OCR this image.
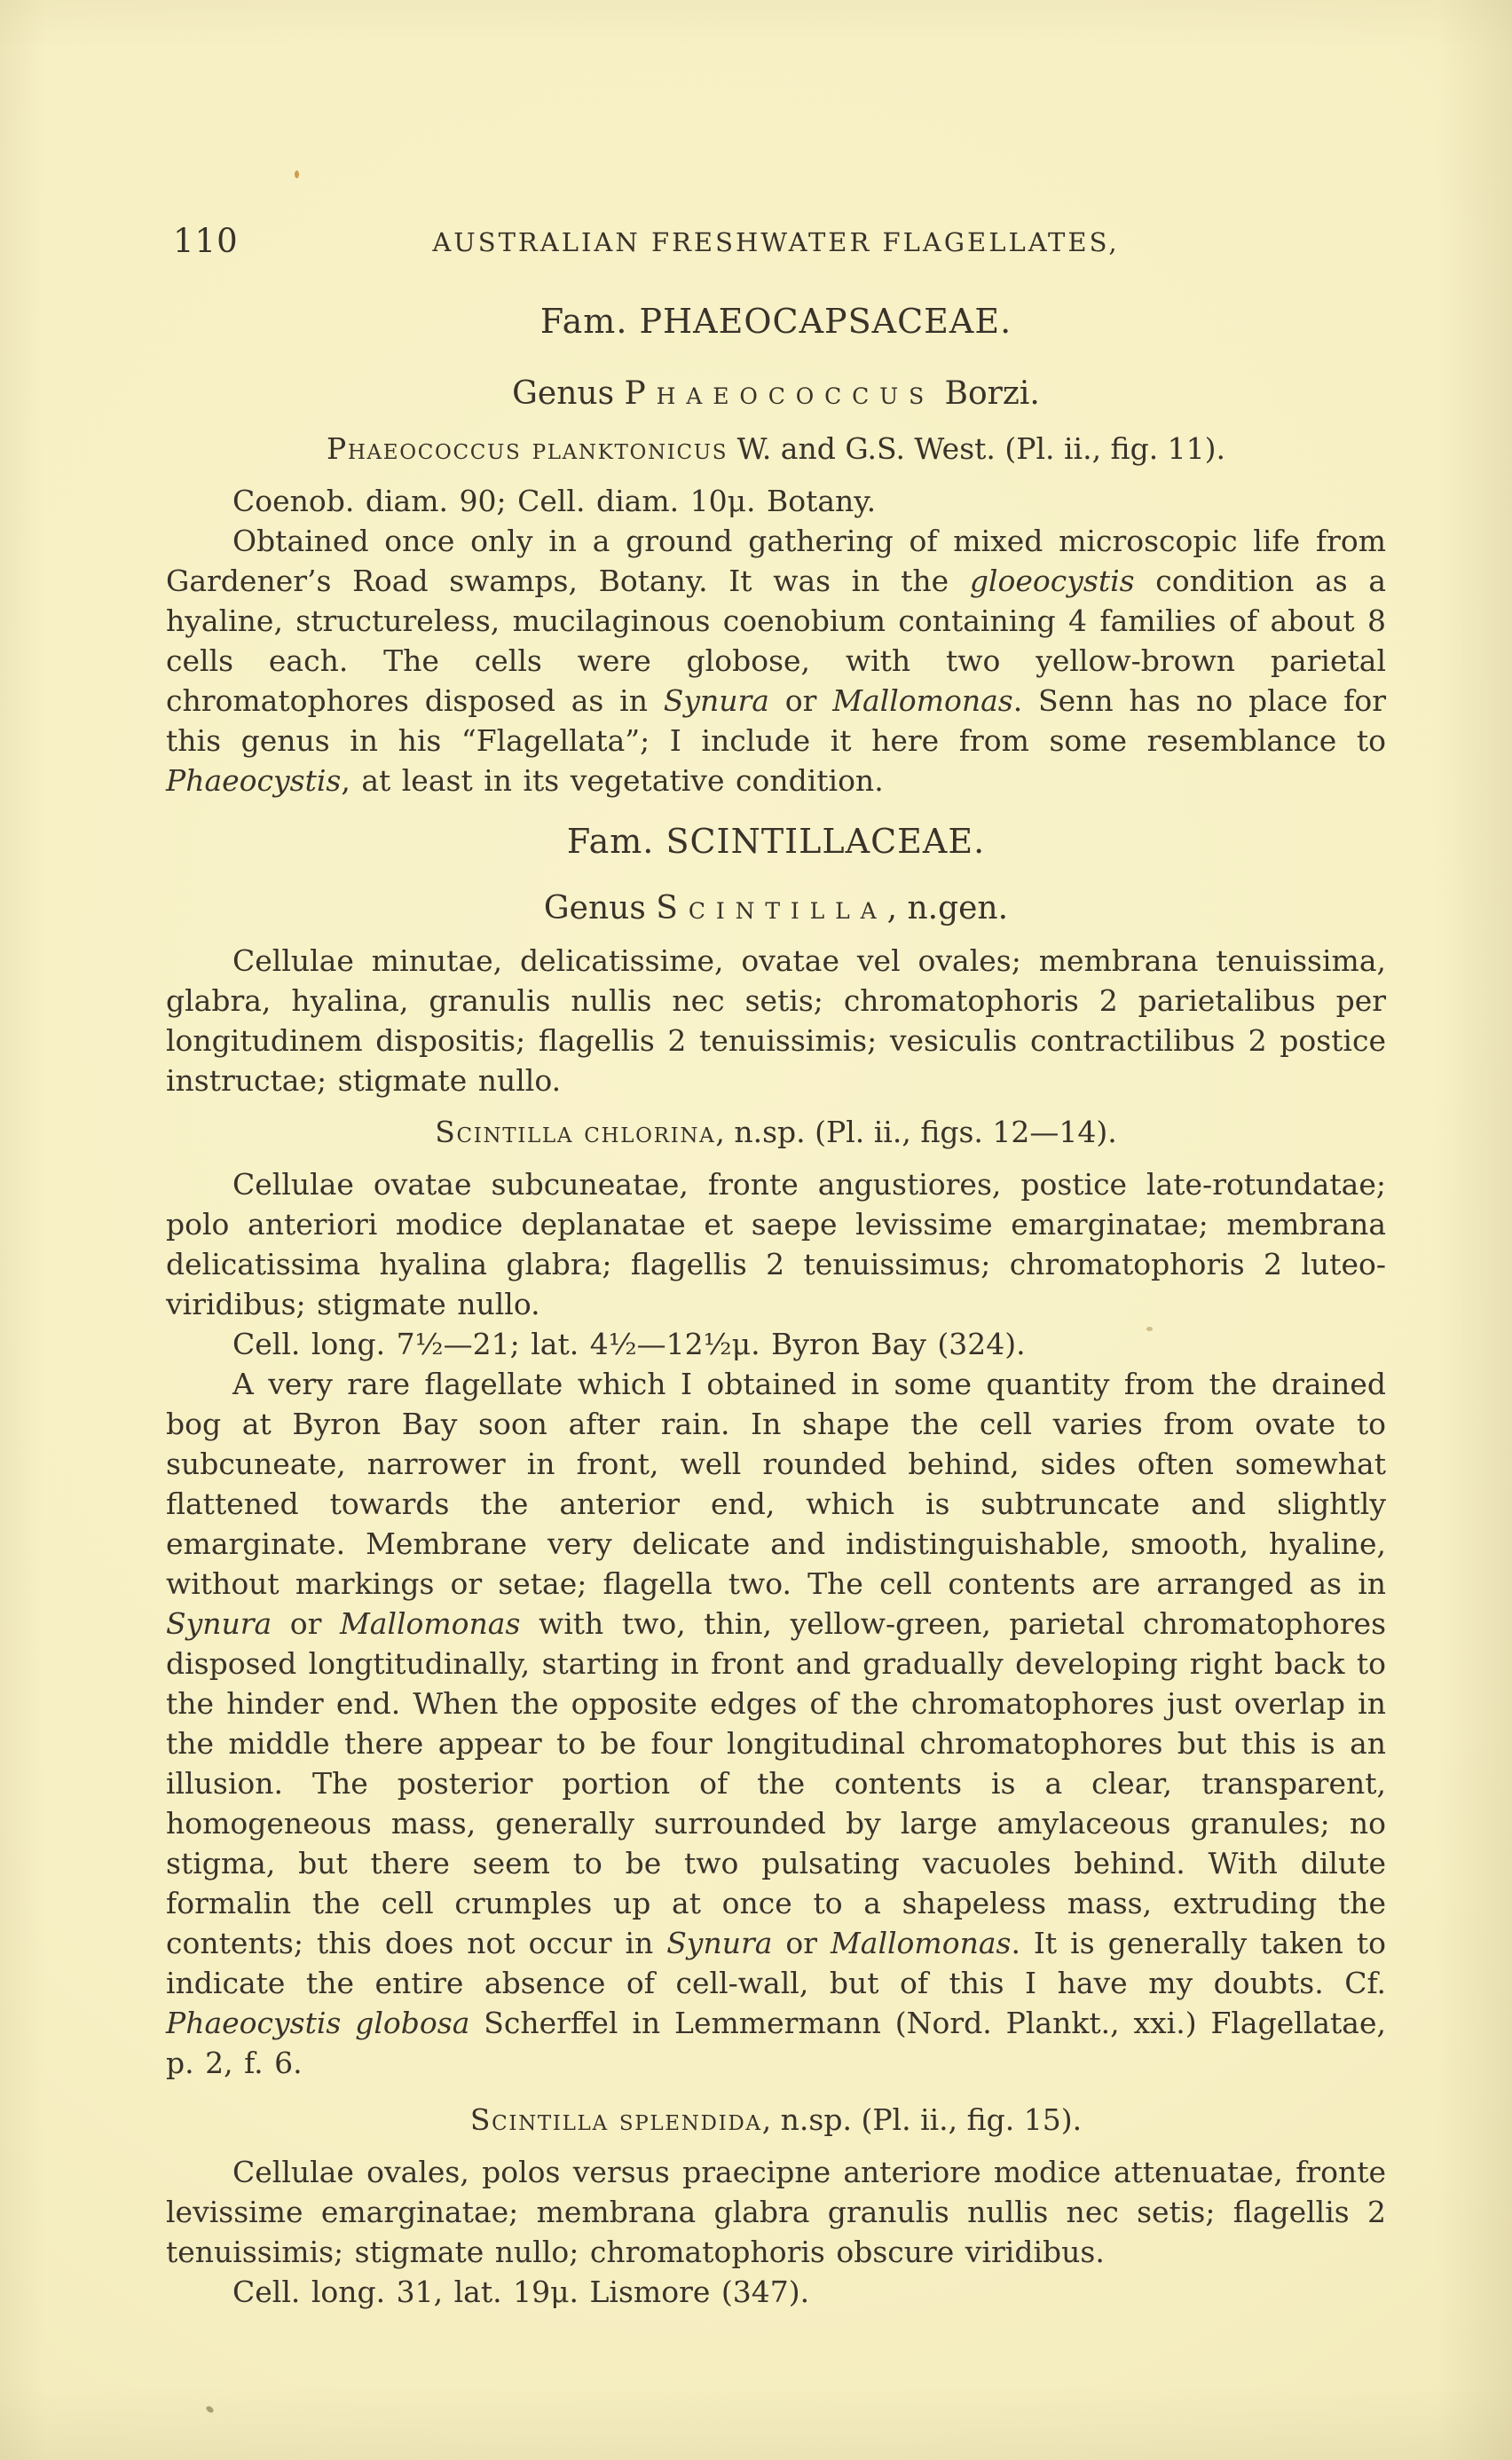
110	AUSTRALIAN FRESHWATER FLAGELLATES,
Fam. PHAEOCAPSACEAE.
Genus Phaeococcus Borzi.
Phaeococcus planktonicus W. and G.S. West. (Pl. ii., fig. 11).

Coenob. diam. 90; Cell. diam. 10μ. Botany.

Obtained once only in a ground gathering of mixed microscopic life from Gardener’s Road swamps, Botany. It was in the gloeocystis condition as a hyaline, structureless, mucilaginous coenobium containing 4 families of about 8 cells each. The cells were globose, with two yellow-brown parietal chromatophores disposed as in Synura or Mallomonas. Senn has no place for this genus in his “Flagellata”; I include it here from some resemblance to Phaeocystis, at least in its vegetative condition.

Fam. SCINTILLACEAE.
Genus Scintilla, n.gen.

Cellulae minutae, delicatissime, ovatae vel ovales; membrana tenuissima, glabra, hyalina, granulis nullis nec setis; chromatophoris 2 parietalibus per longitudinem dispositis; flagellis 2 tenuissimis; vesiculis contractilibus 2 postice instructae; stigmate nullo.

Scintilla chlorina, n.sp. (Pl. ii., figs. 12—14).

Cellulae ovatae subcuneatae, fronte angustiores, postice late-rotundatae; polo anteriori modice deplanatae et saepe levissime emarginatae; membrana delicatissima hyalina glabra; flagellis 2 tenuissimus; chromatophoris 2 luteo-viridibus; stigmate nullo.

Cell. long. 7½—21; lat. 4½—12½μ. Byron Bay (324).

A very rare flagellate which I obtained in some quantity from the drained bog at Byron Bay soon after rain. In shape the cell varies from ovate to subcuneate, narrower in front, well rounded behind, sides often somewhat flattened towards the anterior end, which is subtruncate and slightly emarginate. Membrane very delicate and indistinguishable, smooth, hyaline, without markings or setae; flagella two. The cell contents are arranged as in Synura or Mallomonas with two, thin, yellow-green, parietal chromatophores disposed longtitudinally, starting in front and gradually developing right back to the hinder end. When the opposite edges of the chromatophores just overlap in the middle there appear to be four longitudinal chromatophores but this is an illusion. The posterior portion of the contents is a clear, transparent, homogeneous mass, generally surrounded by large amylaceous granules; no stigma, but there seem to be two pulsating vacuoles behind. With dilute formalin the cell crumples up at once to a shapeless mass, extruding the contents; this does not occur in Synura or Mallomonas. It is generally taken to indicate the entire absence of cell-wall, but of this I have my doubts. Cf. Phaeocystis globosa Scherffel in Lemmermann (Nord. Plankt., xxi.) Flagellatae, p. 2, f. 6.

Scintilla splendida, n.sp. (Pl. ii., fig. 15).

Cellulae ovales, polos versus praecipne anteriore modice attenuatae, fronte levissime emarginatae; membrana glabra granulis nullis nec setis; flagellis 2 tenuissimis; stigmate nullo; chromatophoris obscure viridibus.

Cell. long. 31, lat. 19μ. Lismore (347).
